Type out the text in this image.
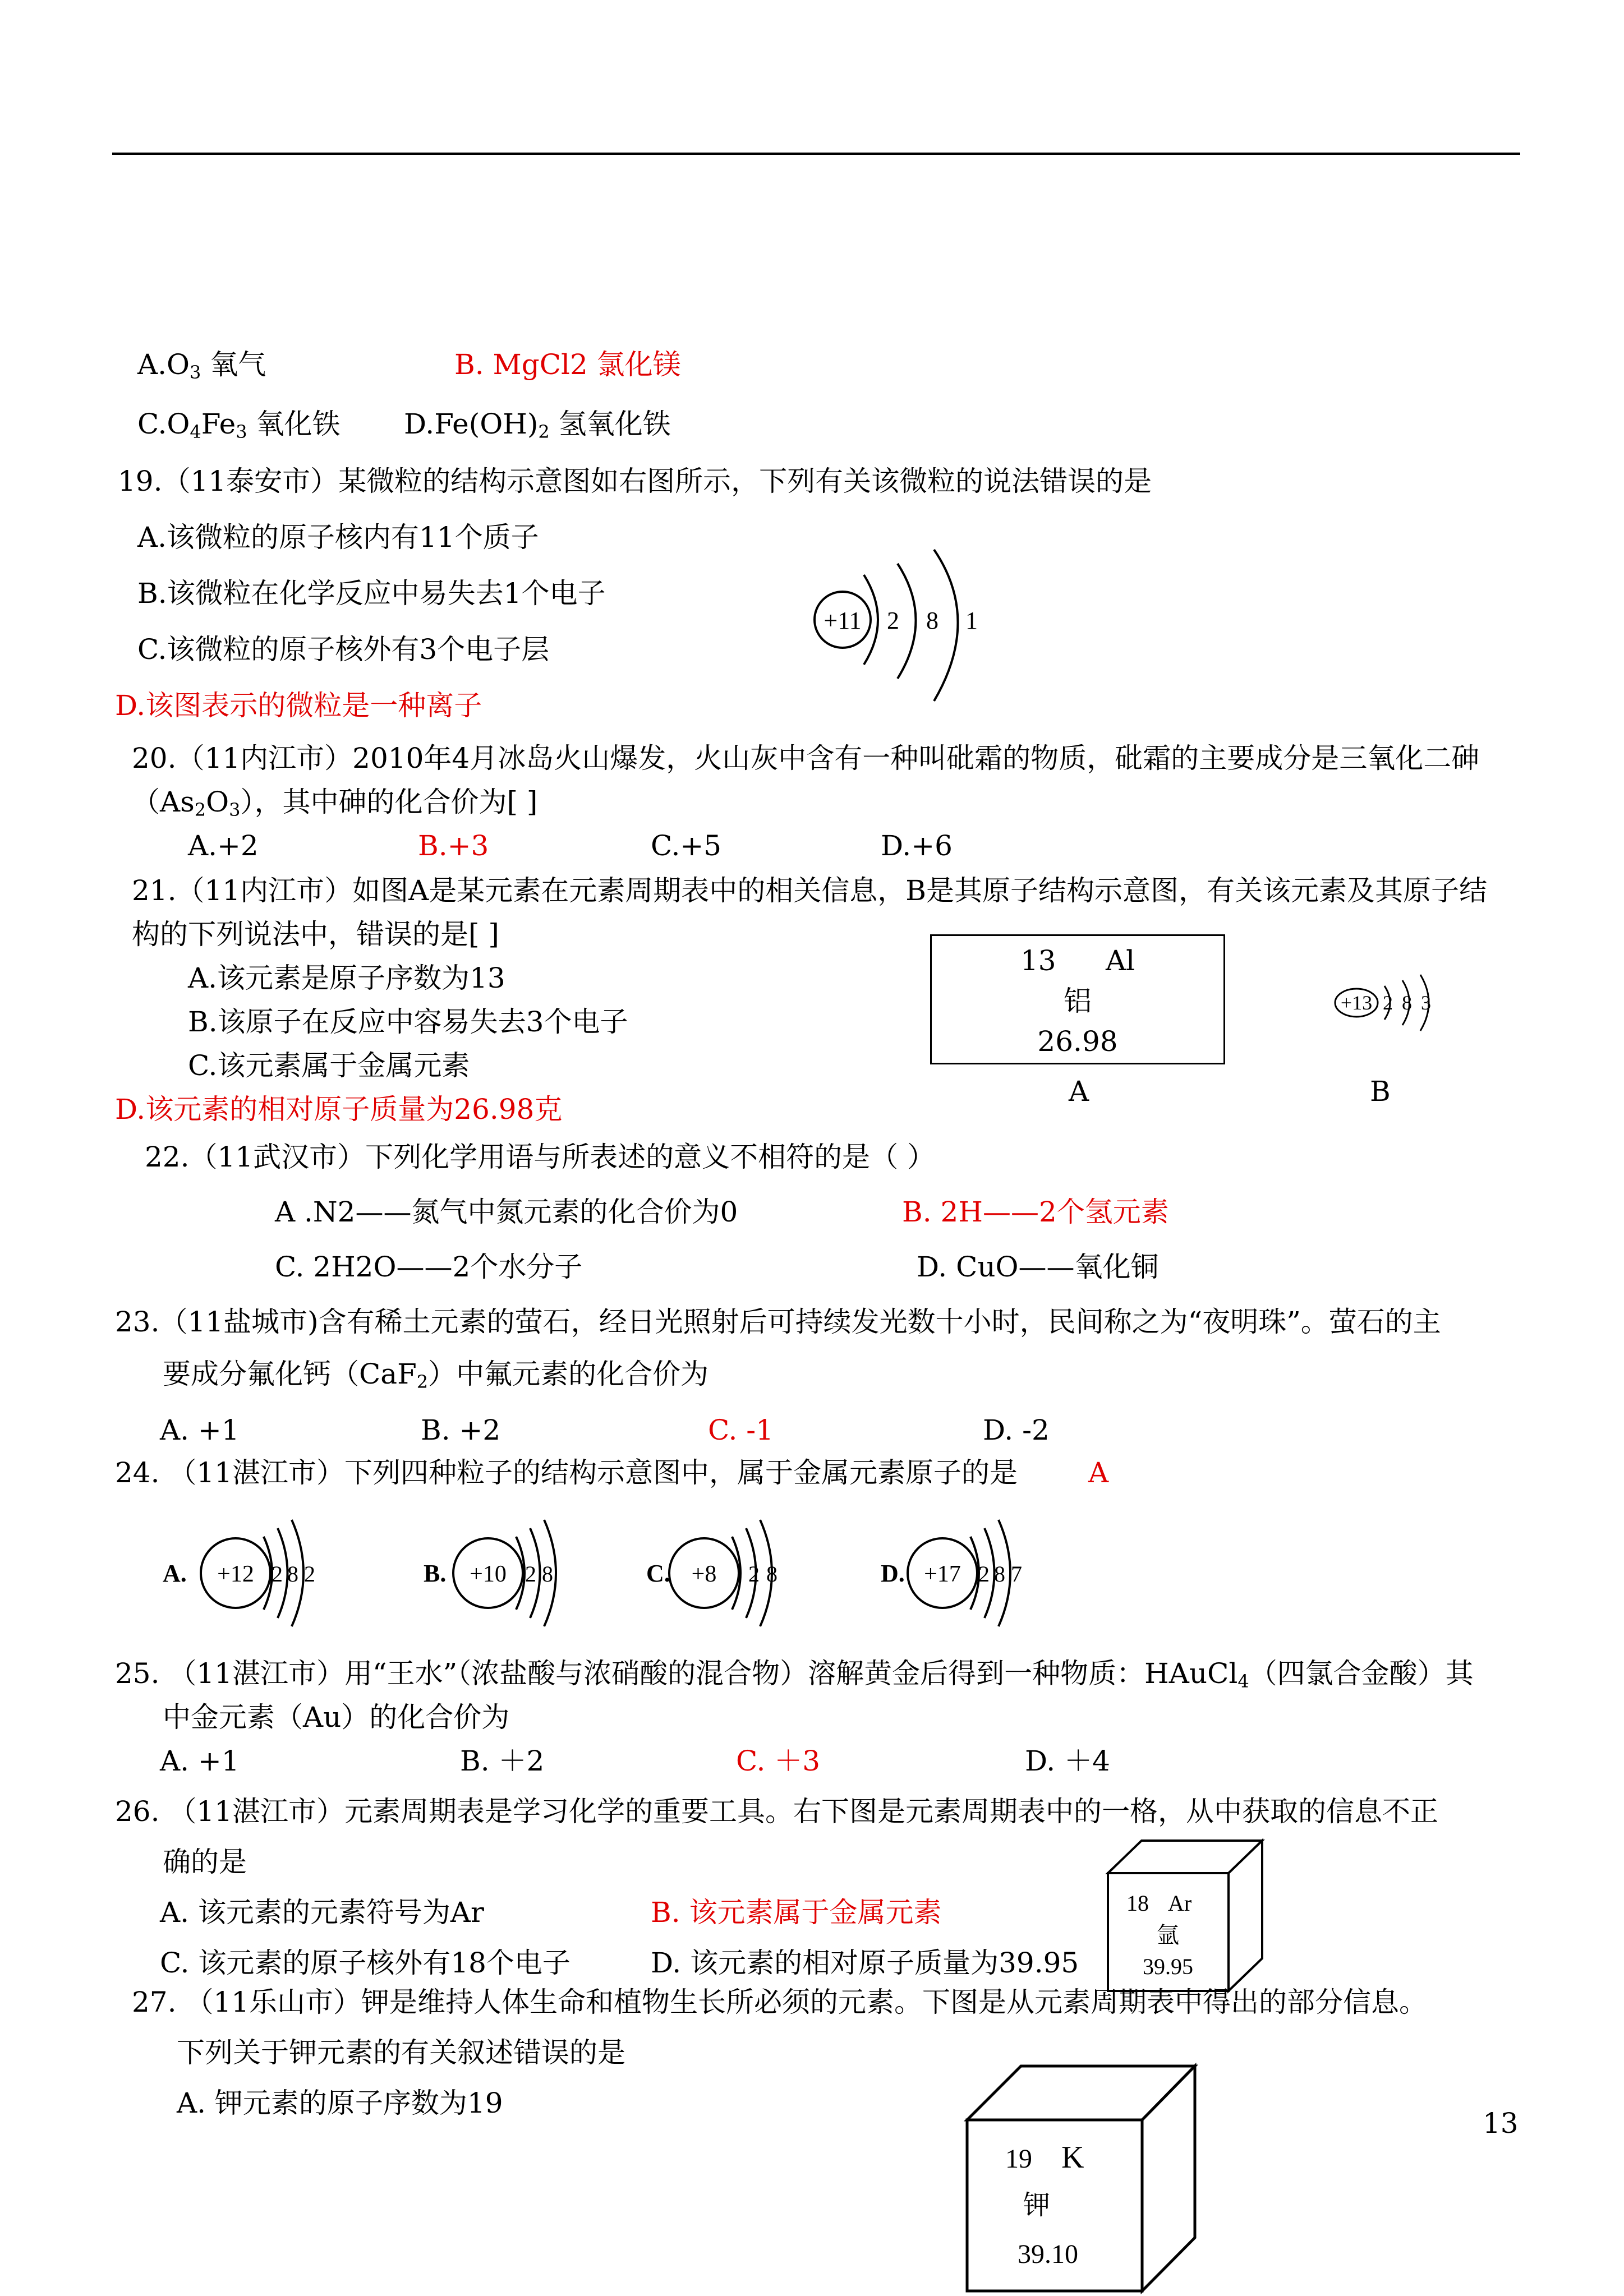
$A.O_3$ 氧气	B. MgCl2 氯化镁
$C.O_4Fe_3$ 氧化铁 $D.Fe(OH)_2$ 氢氧化铁
19.（11泰安市）某微粒的结构示意图如右图所示，下列有关该微粒的说法错误的是
A.该微粒的原子核内有11个质子
B.该微粒在化学反应中易失去1个电子
C.该微粒的原子核外有3个电子层
D.该图表示的微粒是一种离子
+11 2 8 1
20.（11内江市）2010年4月冰岛火山爆发，火山灰中含有一种叫砒霜的物质，砒霜的主要成分是三氧化二砷
$(As_2O_3)$，其中砷的化合价为[ ]
A.+2	B.+3	C.+5	D.+6
21.（11内江市）如图A是某元素在元素周期表中的相关信息，B是其原子结构示意图，有关该元素及其原子结
构的下列说法中，错误的是[ ]
A.该元素是原子序数为13
B.该原子在反应中容易失去3个电子
C.该元素属于金属元素
D.该元素的相对原子质量为26.98克
13 Al
铝
26.98
A	B
+13 2 8 3
22.（11武汉市）下列化学用语与所表述的意义不相符的是（ ）
A .N2——氮气中氮元素的化合价为0	B. 2H——2个氢元素
C. 2H2O——2个水分子	D. CuO——氧化铜
23.（11盐城市)含有稀土元素的萤石，经日光照射后可持续发光数十小时，民间称之为“夜明珠”。萤石的主
要成分氟化钙（CaF$_2$）中氟元素的化合价为
A. +1	B. +2	C. -1	D. -2
24. （11湛江市）下列四种粒子的结构示意图中，属于金属元素原子的是	A
A. +12 2 8 2	B. +10 2 8	C. +8 2 8	D. +17 2 8 7
25. （11湛江市）用“王水”（浓盐酸与浓硝酸的混合物）溶解黄金后得到一种物质：HAuCl$_4$（四氯合金酸）其
中金元素（Au）的化合价为
A. +1	B. ＋2	C. ＋3	D. ＋4
26. （11湛江市）元素周期表是学习化学的重要工具。右下图是元素周期表中的一格，从中获取的信息不正
确的是
A. 该元素的元素符号为Ar	B. 该元素属于金属元素
C. 该元素的原子核外有18个电子	D. 该元素的相对原子质量为39.95
18 Ar
氩
39.95
27. （11乐山市）钾是维持人体生命和植物生长所必须的元素。下图是从元素周期表中得出的部分信息。
下列关于钾元素的有关叙述错误的是
A. 钾元素的原子序数为19
19 K
钾
39.10
13
